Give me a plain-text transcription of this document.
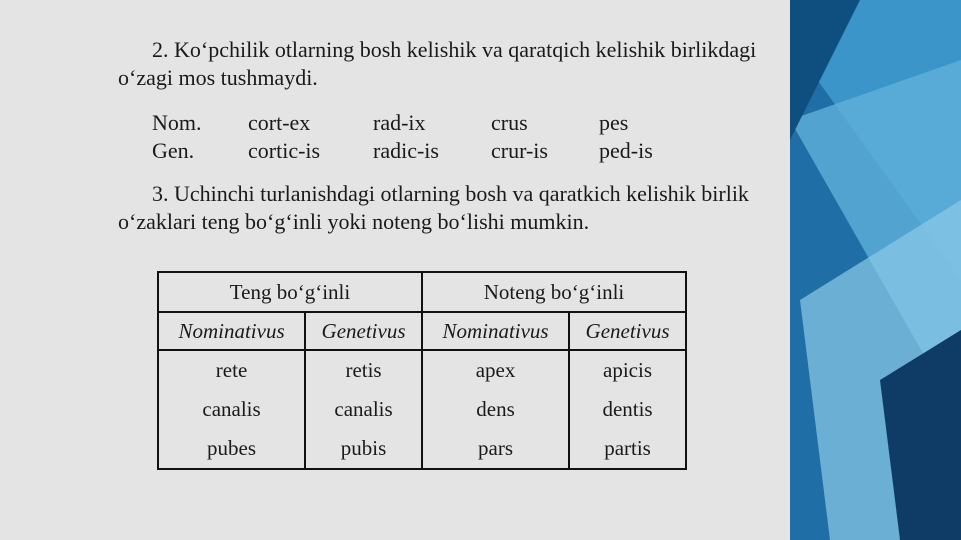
2. Ko‘pchilik otlarning bosh kelishik va qaratqich kelishik birlikdagi
o‘zagi mos tushmaydi.
Nom. cort-ex	rad-ix	crus	pes
Gen. cortic-is radic-is crur-is ped-is
3. Uchinchi turlanishdagi otlarning bosh va qaratkich kelishik birlik
o‘zaklari teng bo‘g‘inli yoki noteng bo‘lishi mumkin.
Teng bo‘g‘inli		Noteng bo‘g‘inli	
Nominativus	Genetivus	Nominativus	Genetivus
rete	retis	apex	apicis
canalis	canalis	dens	dentis
pubes	pubis	pars	partis
